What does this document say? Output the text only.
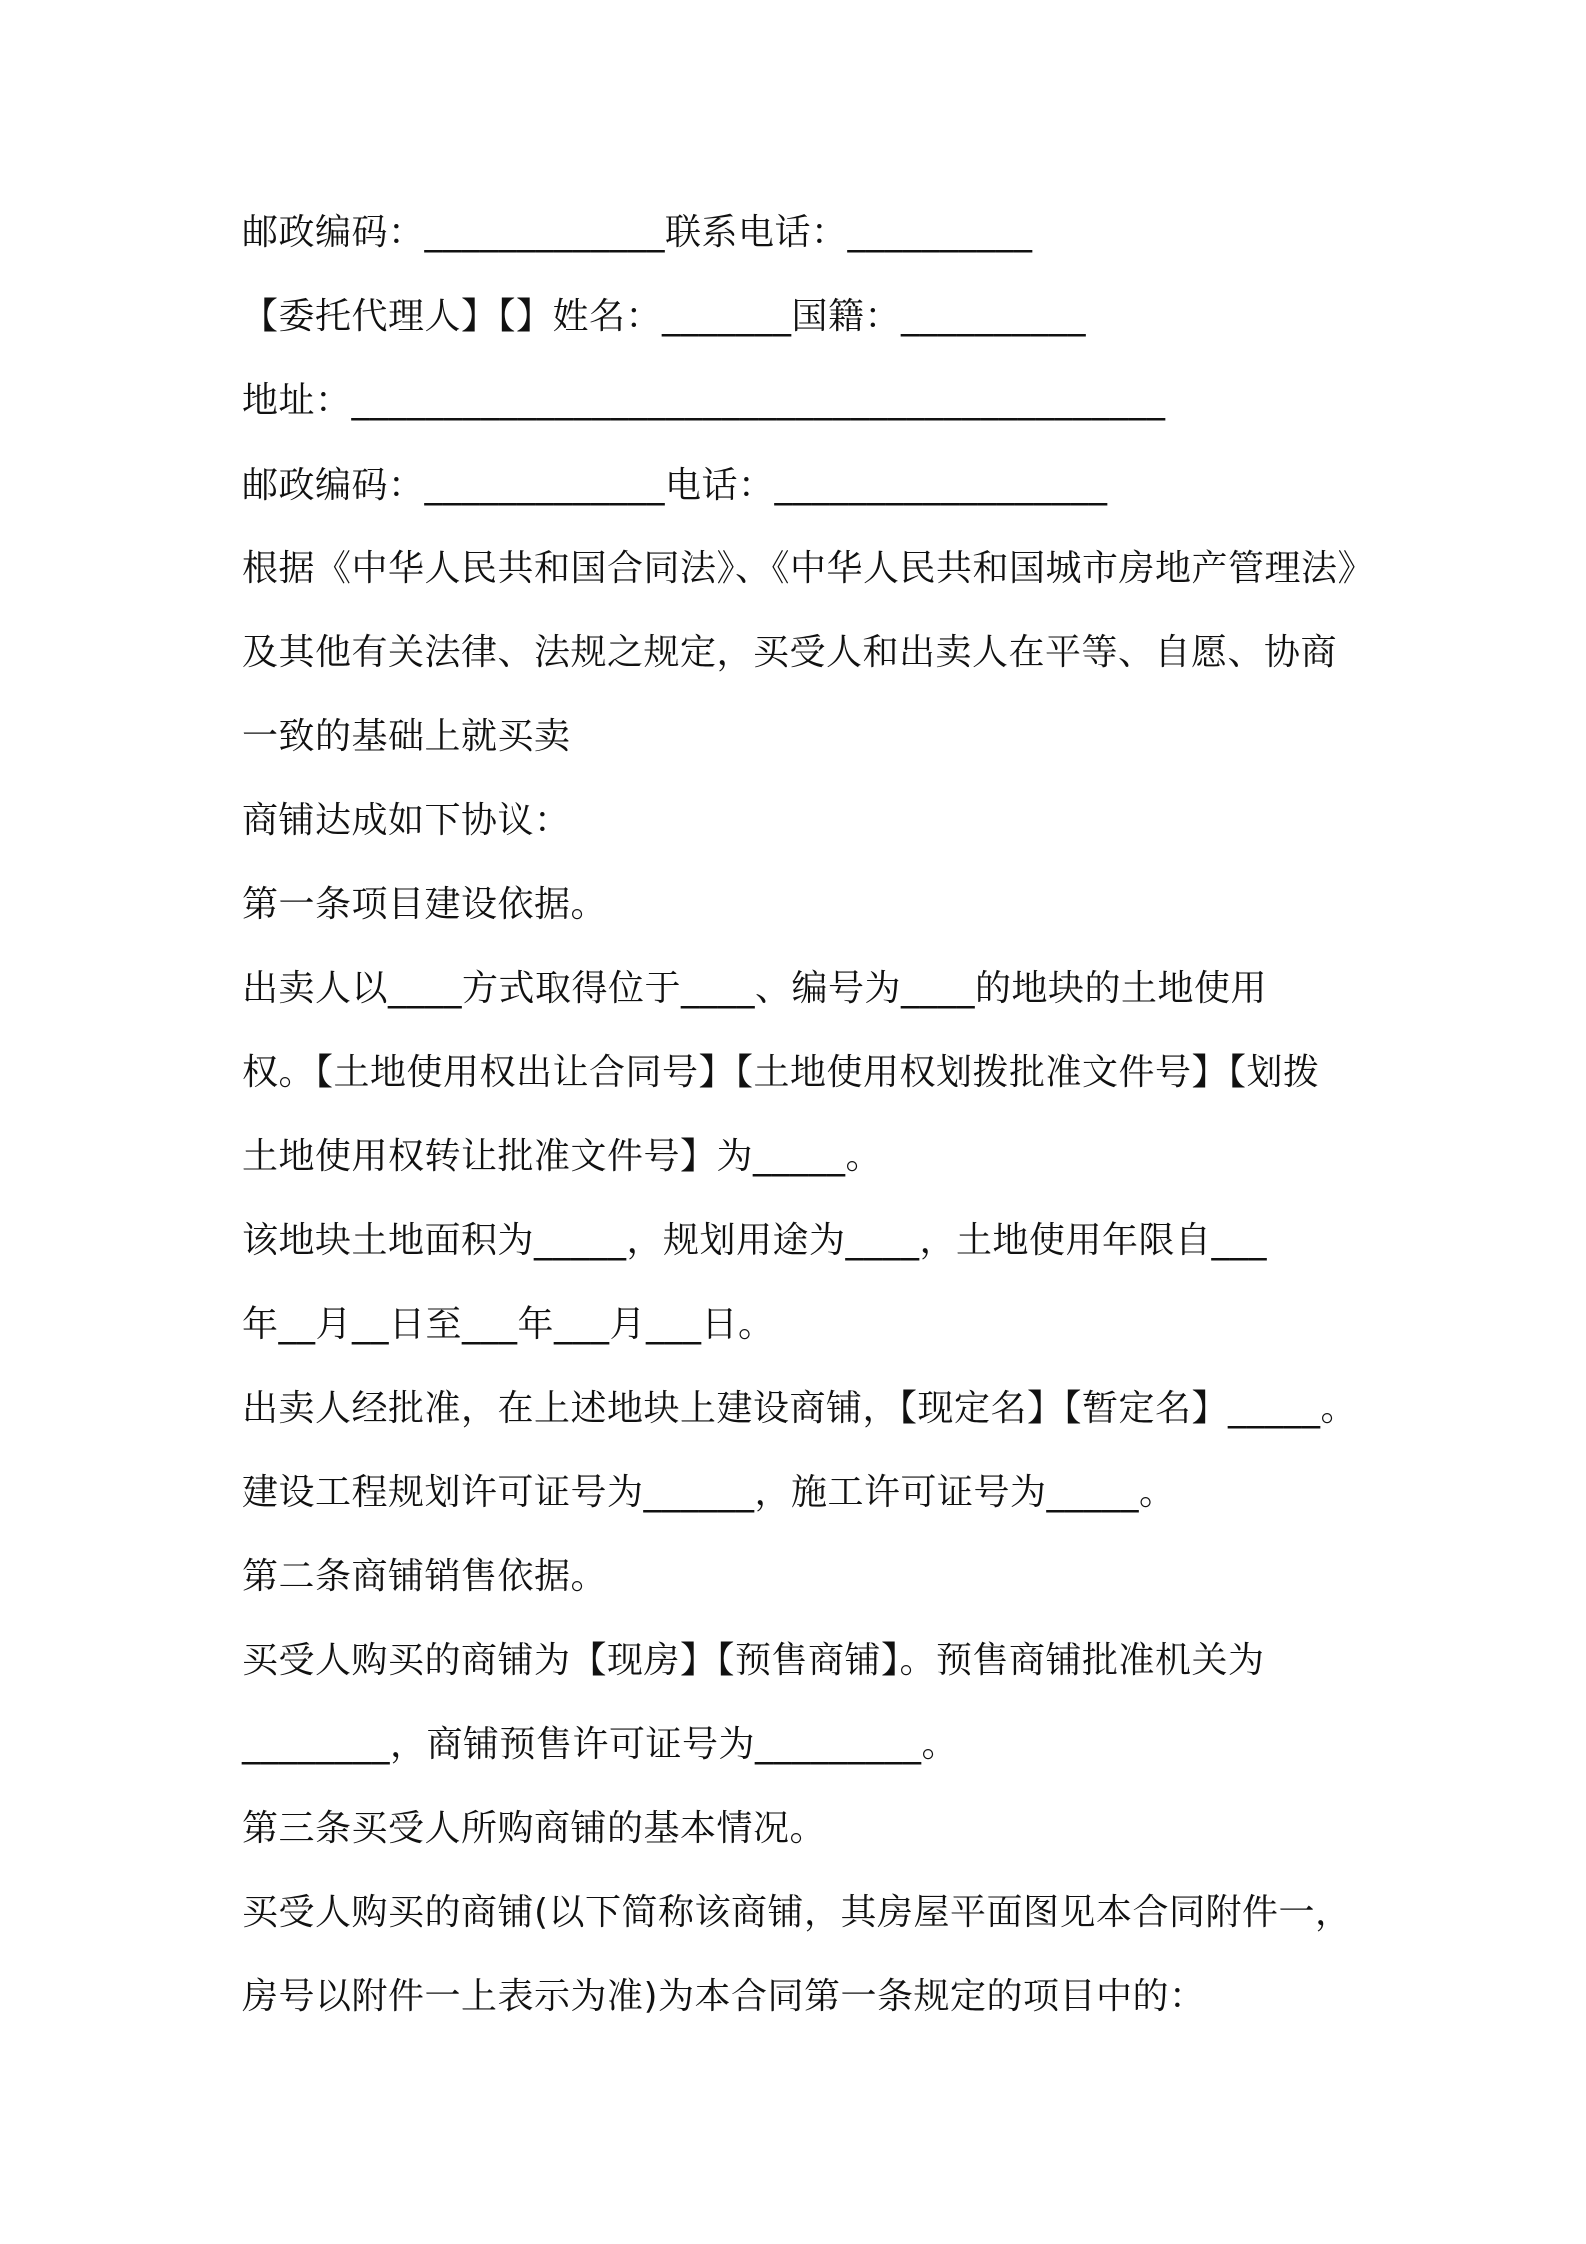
邮政编码：_____________联系电话：__________
【委托代理人】【】姓名：_______国籍：__________
地址：____________________________________________
邮政编码：_____________电话：__________________
根据《中华人民共和国合同法》、《中华人民共和国城市房地产管理法》
及其他有关法律、法规之规定，买受人和出卖人在平等、自愿、协商
一致的基础上就买卖
商铺达成如下协议：
第一条项目建设依据。
出卖人以____方式取得位于____、编号为____的地块的土地使用
权。【土地使用权出让合同号】【土地使用权划拨批准文件号】【划拨
土地使用权转让批准文件号】为_____。
该地块土地面积为_____，规划用途为____，土地使用年限自___
年__月__日至___年___月___日。
出卖人经批准，在上述地块上建设商铺，【现定名】【暂定名】_____。
建设工程规划许可证号为______，施工许可证号为_____。
第二条商铺销售依据。
买受人购买的商铺为【现房】【预售商铺】。预售商铺批准机关为
________，商铺预售许可证号为_________。
第三条买受人所购商铺的基本情况。
买受人购买的商铺(以下简称该商铺，其房屋平面图见本合同附件一，
房号以附件一上表示为准)为本合同第一条规定的项目中的：
